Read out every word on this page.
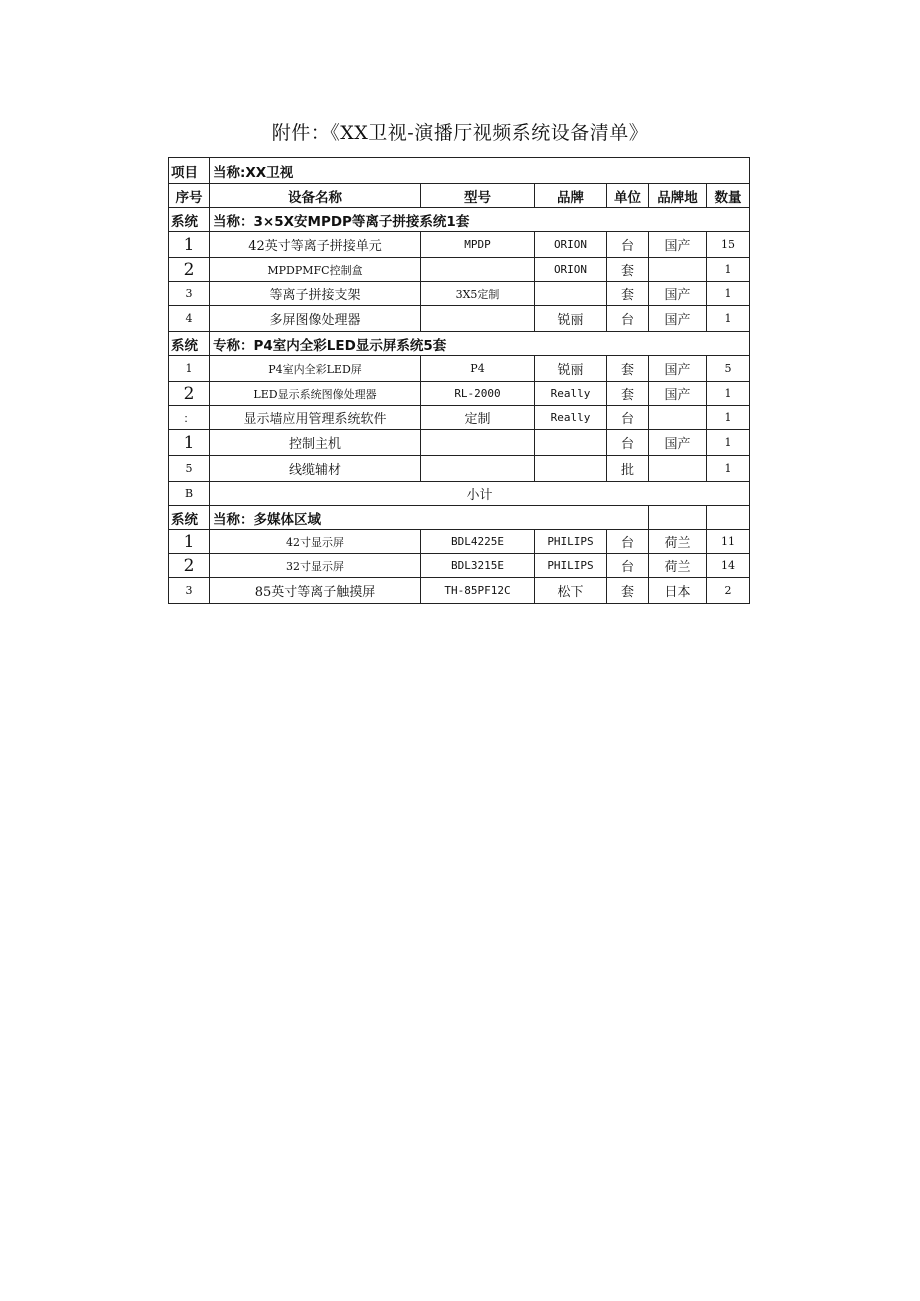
附件：《XX卫视-演播厅视频系统设备清单》
项目	当称:XX卫视					
序号	设备名称	型号	品牌	单位	品牌地	数量
系统	当称：3×5X安MPDP等离子拼接系统1套					
1	42英寸等离子拼接单元	MPDP	ORION	台	国产	15
2	MPDPMFC控制盒		ORION	套		1
3	等离子拼接支架	3X5定制		套	国产	1
4	多屏图像处理器		锐丽	台	国产	1
系统	专称：P4室内全彩LED显示屏系统5套					
1	P4室内全彩LED屏	P4	锐丽	套	国产	5
2	LED显示系统图像处理器	RL-2000	Really	套	国产	1
：	显示墙应用管理系统软件	定制	Really	台		1
1	控制主机			台	国产	1
5	线缆辅材			批		1
B	小计					
系统	当称：多媒体区域					
1	42寸显示屏	BDL4225E	PHILIPS	台	荷兰	11
2	32寸显示屏	BDL3215E	PHILIPS	台	荷兰	14
3	85英寸等离子触摸屏	TH-85PF12C	松下	套	日本	2
